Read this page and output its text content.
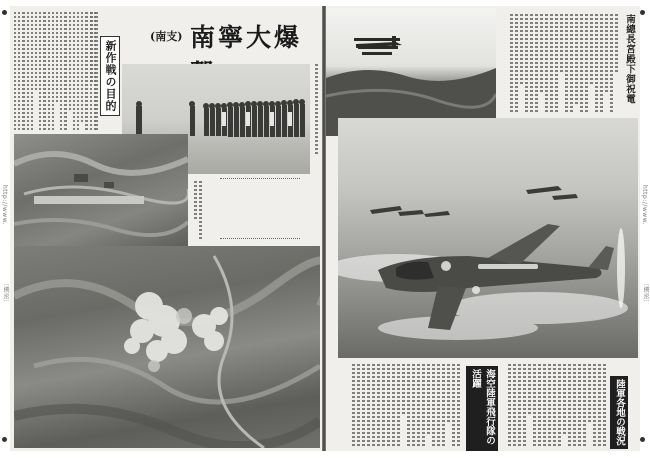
新作戦の目的
南寧大爆
(南支)	南總長宮殿下御祝電
海空陸軍飛行隊の活躍
陸軍各地の戦況
http://www.
〔機密〕
http://www.
〔機密〕
